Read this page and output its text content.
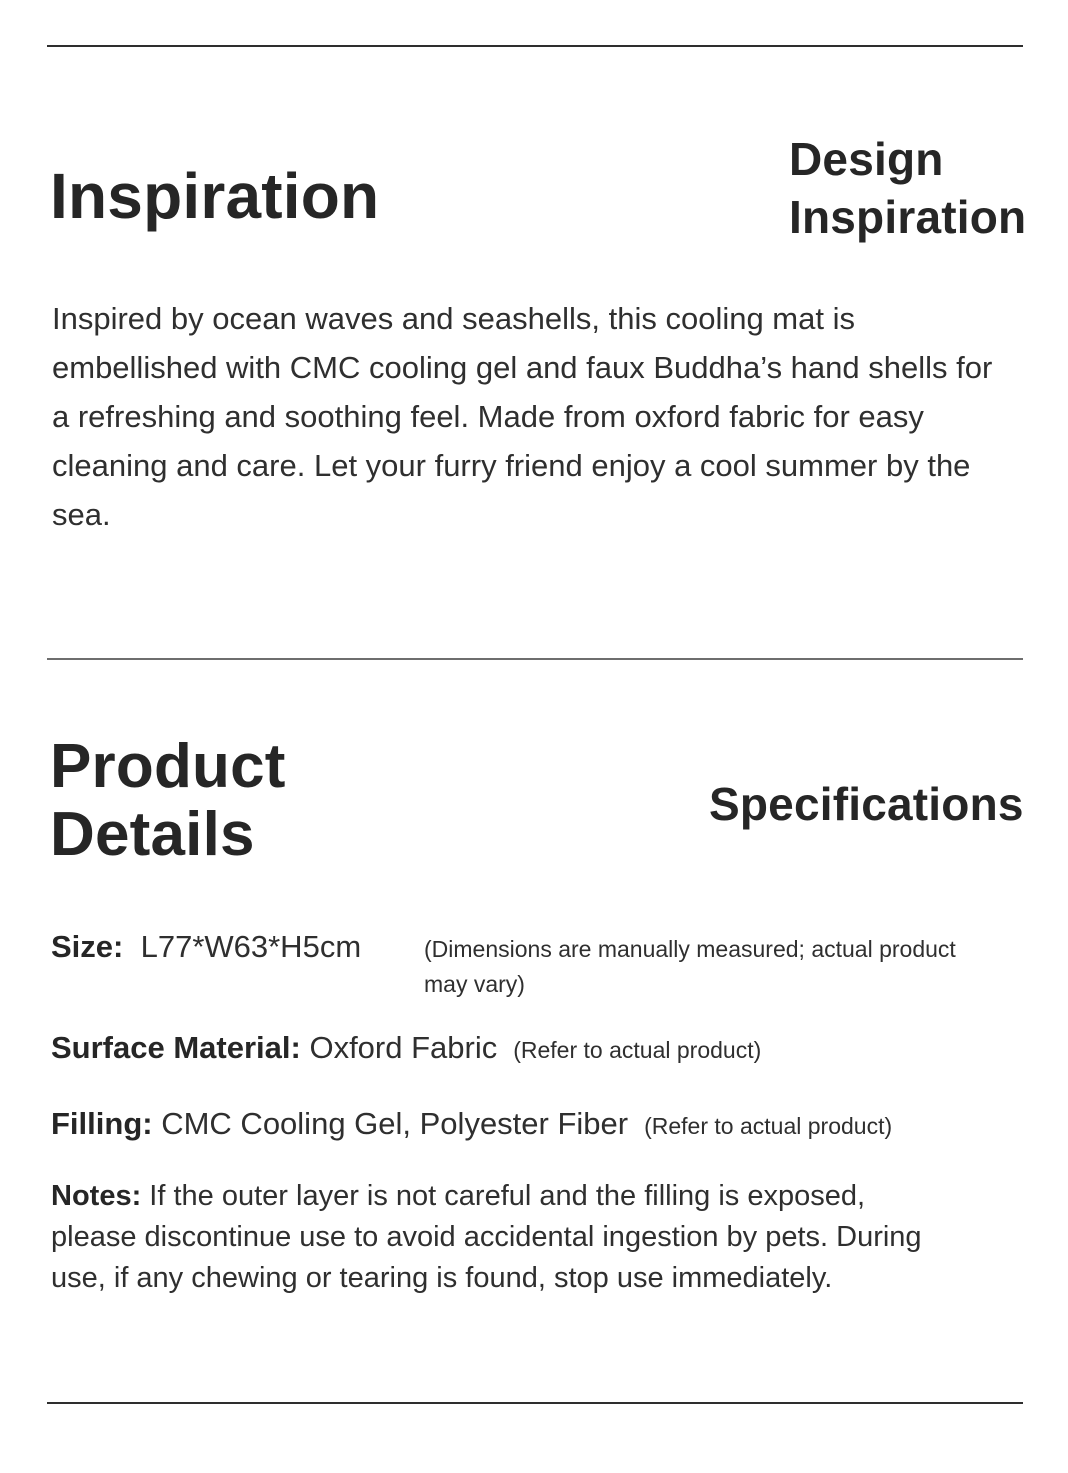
Inspiration
Design
Inspiration

Inspired by ocean waves and seashells, this cooling mat is embellished with CMC cooling gel and faux Buddha’s hand shells for a refreshing and soothing feel. Made from oxford fabric for easy cleaning and care. Let your furry friend enjoy a cool summer by the sea.

Product
Details	Specifications

Size: L77*W63*H5cm	(Dimensions are manually measured; actual product may vary)

Surface Material: Oxford Fabric (Refer to actual product)

Filling: CMC Cooling Gel, Polyester Fiber (Refer to actual product)

Notes: If the outer layer is not careful and the filling is exposed, please discontinue use to avoid accidental ingestion by pets. During use, if any chewing or tearing is found, stop use immediately.
